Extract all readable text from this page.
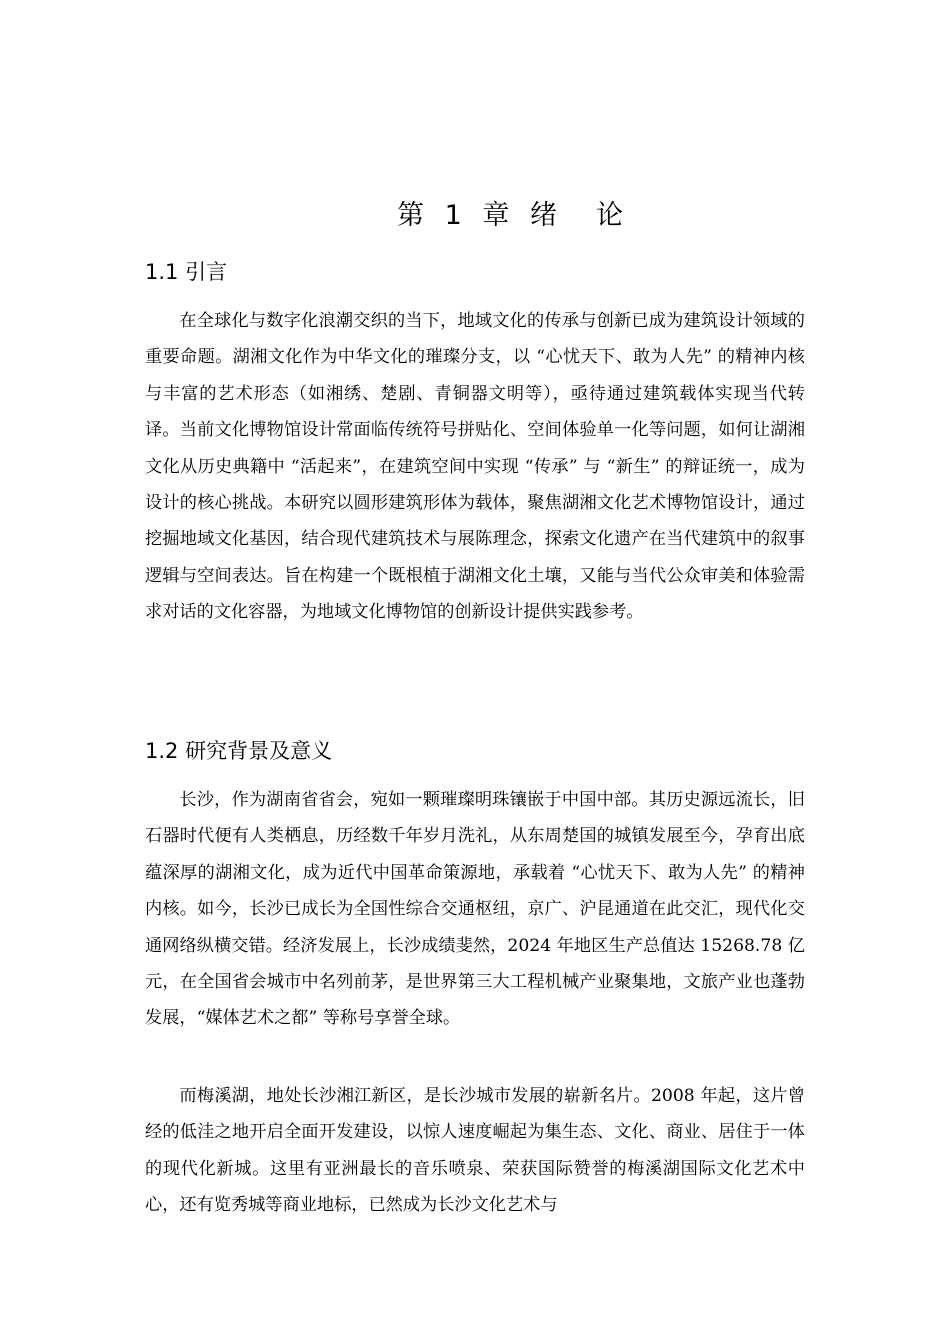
第 1 章 绪　论
1.1 引言

在全球化与数字化浪潮交织的当下，地域文化的传承与创新已成为建筑设计领域的重要命题。湖湘文化作为中华文化的璀璨分支，以 “心忧天下、敢为人先” 的精神内核与丰富的艺术形态（如湘绣、楚剧、青铜器文明等），亟待通过建筑载体实现当代转译。当前文化博物馆设计常面临传统符号拼贴化、空间体验单一化等问题，如何让湖湘文化从历史典籍中 “活起来”，在建筑空间中实现 “传承” 与 “新生” 的辩证统一，成为设计的核心挑战。本研究以圆形建筑形体为载体，聚焦湖湘文化艺术博物馆设计，通过挖掘地域文化基因，结合现代建筑技术与展陈理念，探索文化遗产在当代建筑中的叙事逻辑与空间表达。旨在构建一个既根植于湖湘文化土壤，又能与当代公众审美和体验需求对话的文化容器，为地域文化博物馆的创新设计提供实践参考。

1.2 研究背景及意义

长沙，作为湖南省省会，宛如一颗璀璨明珠镶嵌于中国中部。其历史源远流长，旧石器时代便有人类栖息，历经数千年岁月洗礼，从东周楚国的城镇发展至今，孕育出底蕴深厚的湖湘文化，成为近代中国革命策源地，承载着 “心忧天下、敢为人先” 的精神内核。如今，长沙已成长为全国性综合交通枢纽，京广、沪昆通道在此交汇，现代化交通网络纵横交错。经济发展上，长沙成绩斐然，2024 年地区生产总值达 15268.78 亿元，在全国省会城市中名列前茅，是世界第三大工程机械产业聚集地，文旅产业也蓬勃发展，“媒体艺术之都” 等称号享誉全球。

而梅溪湖，地处长沙湘江新区，是长沙城市发展的崭新名片。2008 年起，这片曾经的低洼之地开启全面开发建设，以惊人速度崛起为集生态、文化、商业、居住于一体的现代化新城。这里有亚洲最长的音乐喷泉、荣获国际赞誉的梅溪湖国际文化艺术中心，还有览秀城等商业地标，已然成为长沙文化艺术与
